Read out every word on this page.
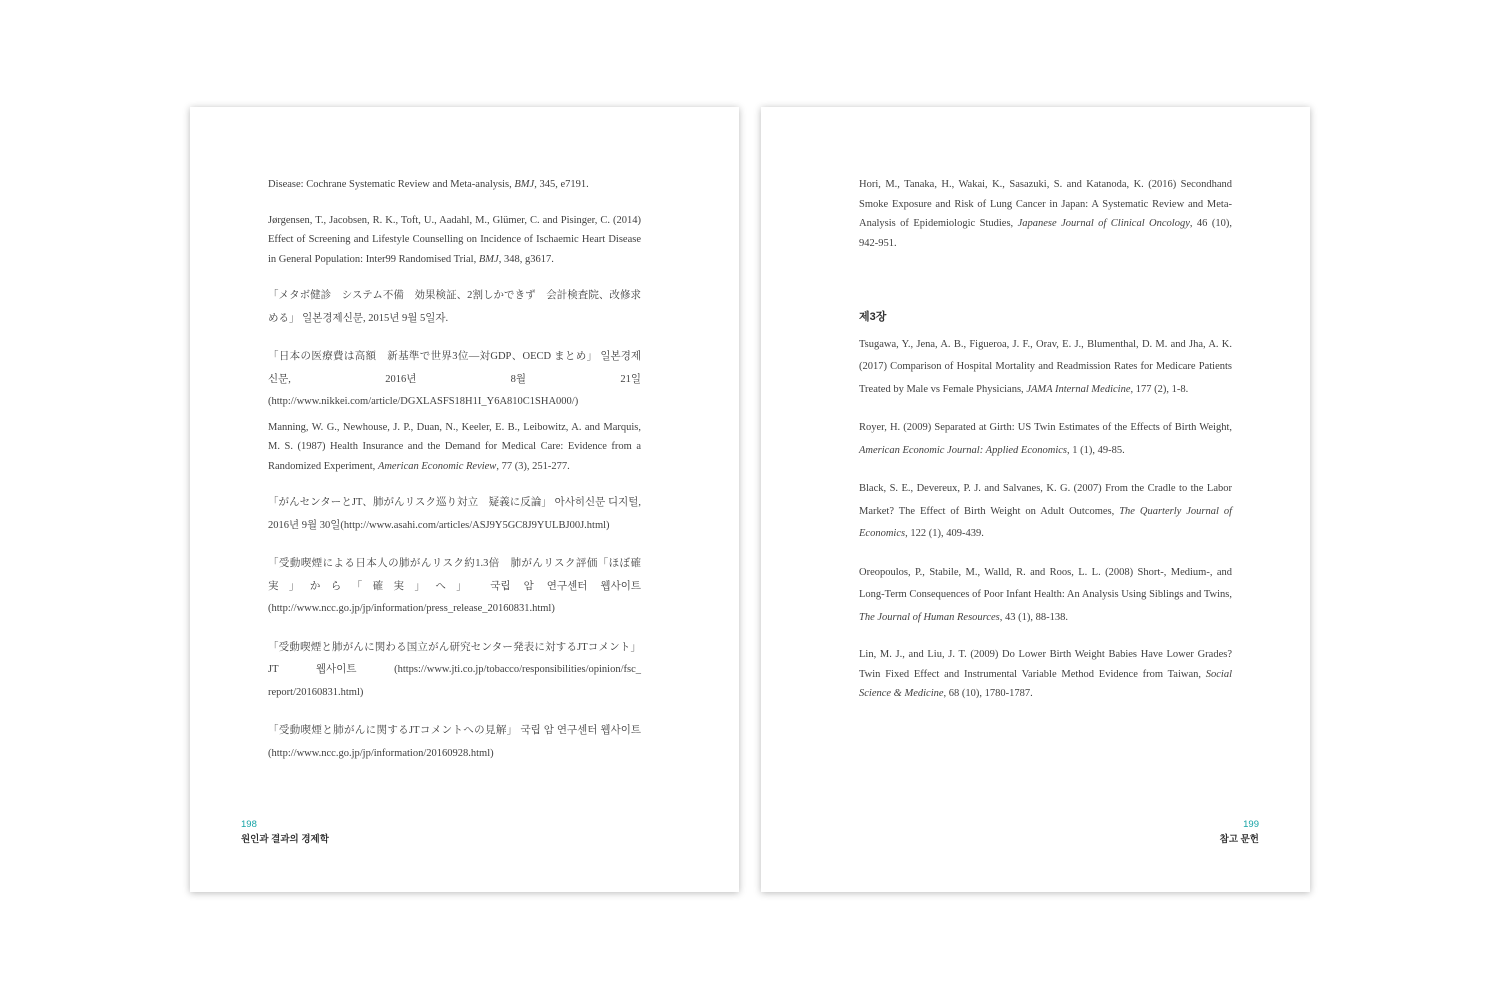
Disease: Cochrane Systematic Review and Meta-analysis, BMJ, 345, e7191.

Jørgensen, T., Jacobsen, R. K., Toft, U., Aadahl, M., Glümer, C. and Pisinger, C. (2014) Effect of Screening and Lifestyle Counselling on Incidence of Ischaemic Heart Disease in General Population: Inter99 Randomised Trial, BMJ, 348, g3617.

「メタボ健診　システム不備　効果検証、2割しかできず　会計検査院、改修求める」 일본경제신문, 2015년 9월 5일자.

「日本の医療費は高額　新基準で世界3位―対GDP、OECD まとめ」 일본경제신문, 2016년 8월 21일(http://www.nikkei.com/article/DGXLASFS18H1I_Y6A810C1SHA000/)

Manning, W. G., Newhouse, J. P., Duan, N., Keeler, E. B., Leibowitz, A. and Marquis, M. S. (1987) Health Insurance and the Demand for Medical Care: Evidence from a Randomized Experiment, American Economic Review, 77 (3), 251-277.

「がんセンターとJT、肺がんリスク巡り対立　疑義に反論」 아사히신문 디지털, 2016년 9월 30일(http://www.asahi.com/articles/ASJ9Y5GC8J9YULBJ00J.html)

「受動喫煙による日本人の肺がんリスク約1.3倍　肺がんリスク評価「ほぼ確実」から「確実」へ」 국립 암 연구센터 웹사이트 (http://www.ncc.go.jp/jp/information/press_release_20160831.html)

「受動喫煙と肺がんに関わる国立がん研究センター発表に対するJTコメント」 JT 웹사이트 (https://www.jti.co.jp/tobacco/responsibilities/opinion/fsc_ report/20160831.html)

「受動喫煙と肺がんに関するJTコメントへの見解」 국립 암 연구센터 웹사이트 (http://www.ncc.go.jp/jp/information/20160928.html)

198
원인과 결과의 경제학

Hori, M., Tanaka, H., Wakai, K., Sasazuki, S. and Katanoda, K. (2016) Secondhand Smoke Exposure and Risk of Lung Cancer in Japan: A Systematic Review and Meta-Analysis of Epidemiologic Studies, Japanese Journal of Clinical Oncology, 46 (10), 942-951.

제3장

Tsugawa, Y., Jena, A. B., Figueroa, J. F., Orav, E. J., Blumenthal, D. M. and Jha, A. K. (2017) Comparison of Hospital Mortality and Readmission Rates for Medicare Patients Treated by Male vs Female Physicians, JAMA Internal Medicine, 177 (2), 1-8.

Royer, H. (2009) Separated at Girth: US Twin Estimates of the Effects of Birth Weight, American Economic Journal: Applied Economics, 1 (1), 49-85.

Black, S. E., Devereux, P. J. and Salvanes, K. G. (2007) From the Cradle to the Labor Market? The Effect of Birth Weight on Adult Outcomes, The Quarterly Journal of Economics, 122 (1), 409-439.

Oreopoulos, P., Stabile, M., Walld, R. and Roos, L. L. (2008) Short-, Medium-, and Long-Term Consequences of Poor Infant Health: An Analysis Using Siblings and Twins, The Journal of Human Resources, 43 (1), 88-138.

Lin, M. J., and Liu, J. T. (2009) Do Lower Birth Weight Babies Have Lower Grades? Twin Fixed Effect and Instrumental Variable Method Evidence from Taiwan, Social Science & Medicine, 68 (10), 1780-1787.

199
참고 문헌
